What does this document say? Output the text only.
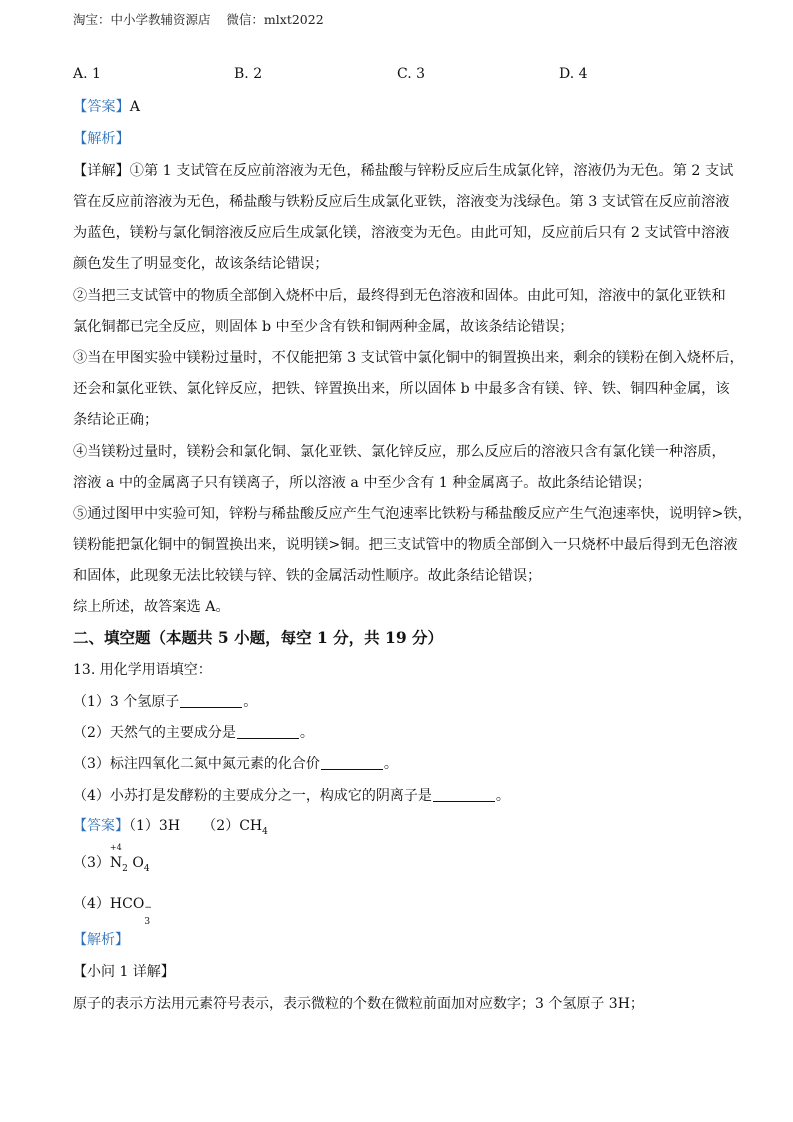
淘宝：中小学教辅资源店 微信：mlxt2022
A. 1	B. 2	C. 3	D. 4
【答案】A
【解析】
【详解】①第 1 支试管在反应前溶液为无色，稀盐酸与锌粉反应后生成氯化锌，溶液仍为无色。第 2 支试
管在反应前溶液为无色，稀盐酸与铁粉反应后生成氯化亚铁，溶液变为浅绿色。第 3 支试管在反应前溶液
为蓝色，镁粉与氯化铜溶液反应后生成氯化镁，溶液变为无色。由此可知，反应前后只有 2 支试管中溶液
颜色发生了明显变化，故该条结论错误；
②当把三支试管中的物质全部倒入烧杯中后，最终得到无色溶液和固体。由此可知，溶液中的氯化亚铁和
氯化铜都已完全反应，则固体 b 中至少含有铁和铜两种金属，故该条结论错误；
③当在甲图实验中镁粉过量时，不仅能把第 3 支试管中氯化铜中的铜置换出来，剩余的镁粉在倒入烧杯后，
还会和氯化亚铁、氯化锌反应，把铁、锌置换出来，所以固体 b 中最多含有镁、锌、铁、铜四种金属，该
条结论正确；
④当镁粉过量时，镁粉会和氯化铜、氯化亚铁、氯化锌反应，那么反应后的溶液只含有氯化镁一种溶质，
溶液 a 中的金属离子只有镁离子，所以溶液 a 中至少含有 1 种金属离子。故此条结论错误；
⑤通过图甲中实验可知，锌粉与稀盐酸反应产生气泡速率比铁粉与稀盐酸反应产生气泡速率快，说明锌>铁，
镁粉能把氯化铜中的铜置换出来，说明镁>铜。把三支试管中的物质全部倒入一只烧杯中最后得到无色溶液
和固体，此现象无法比较镁与锌、铁的金属活动性顺序。故此条结论错误；
综上所述，故答案选 A。
二、填空题（本题共 5 小题，每空 1 分，共 19 分）
13. 用化学用语填空：
（1）3 个氢原子	。
（2）天然气的主要成分是	。
（3）标注四氧化二氮中氮元素的化合价	。
（4）小苏打是发酵粉的主要成分之一，构成它的阴离子是	。
【答案】（1）3H $(2)CH_4$
（3）
+4
$N_2$ $O_4$
（4）HCO −
3
【解析】
【小问 1 详解】
原子的表示方法用元素符号表示，表示微粒的个数在微粒前面加对应数字；3 个氢原子 3H；
